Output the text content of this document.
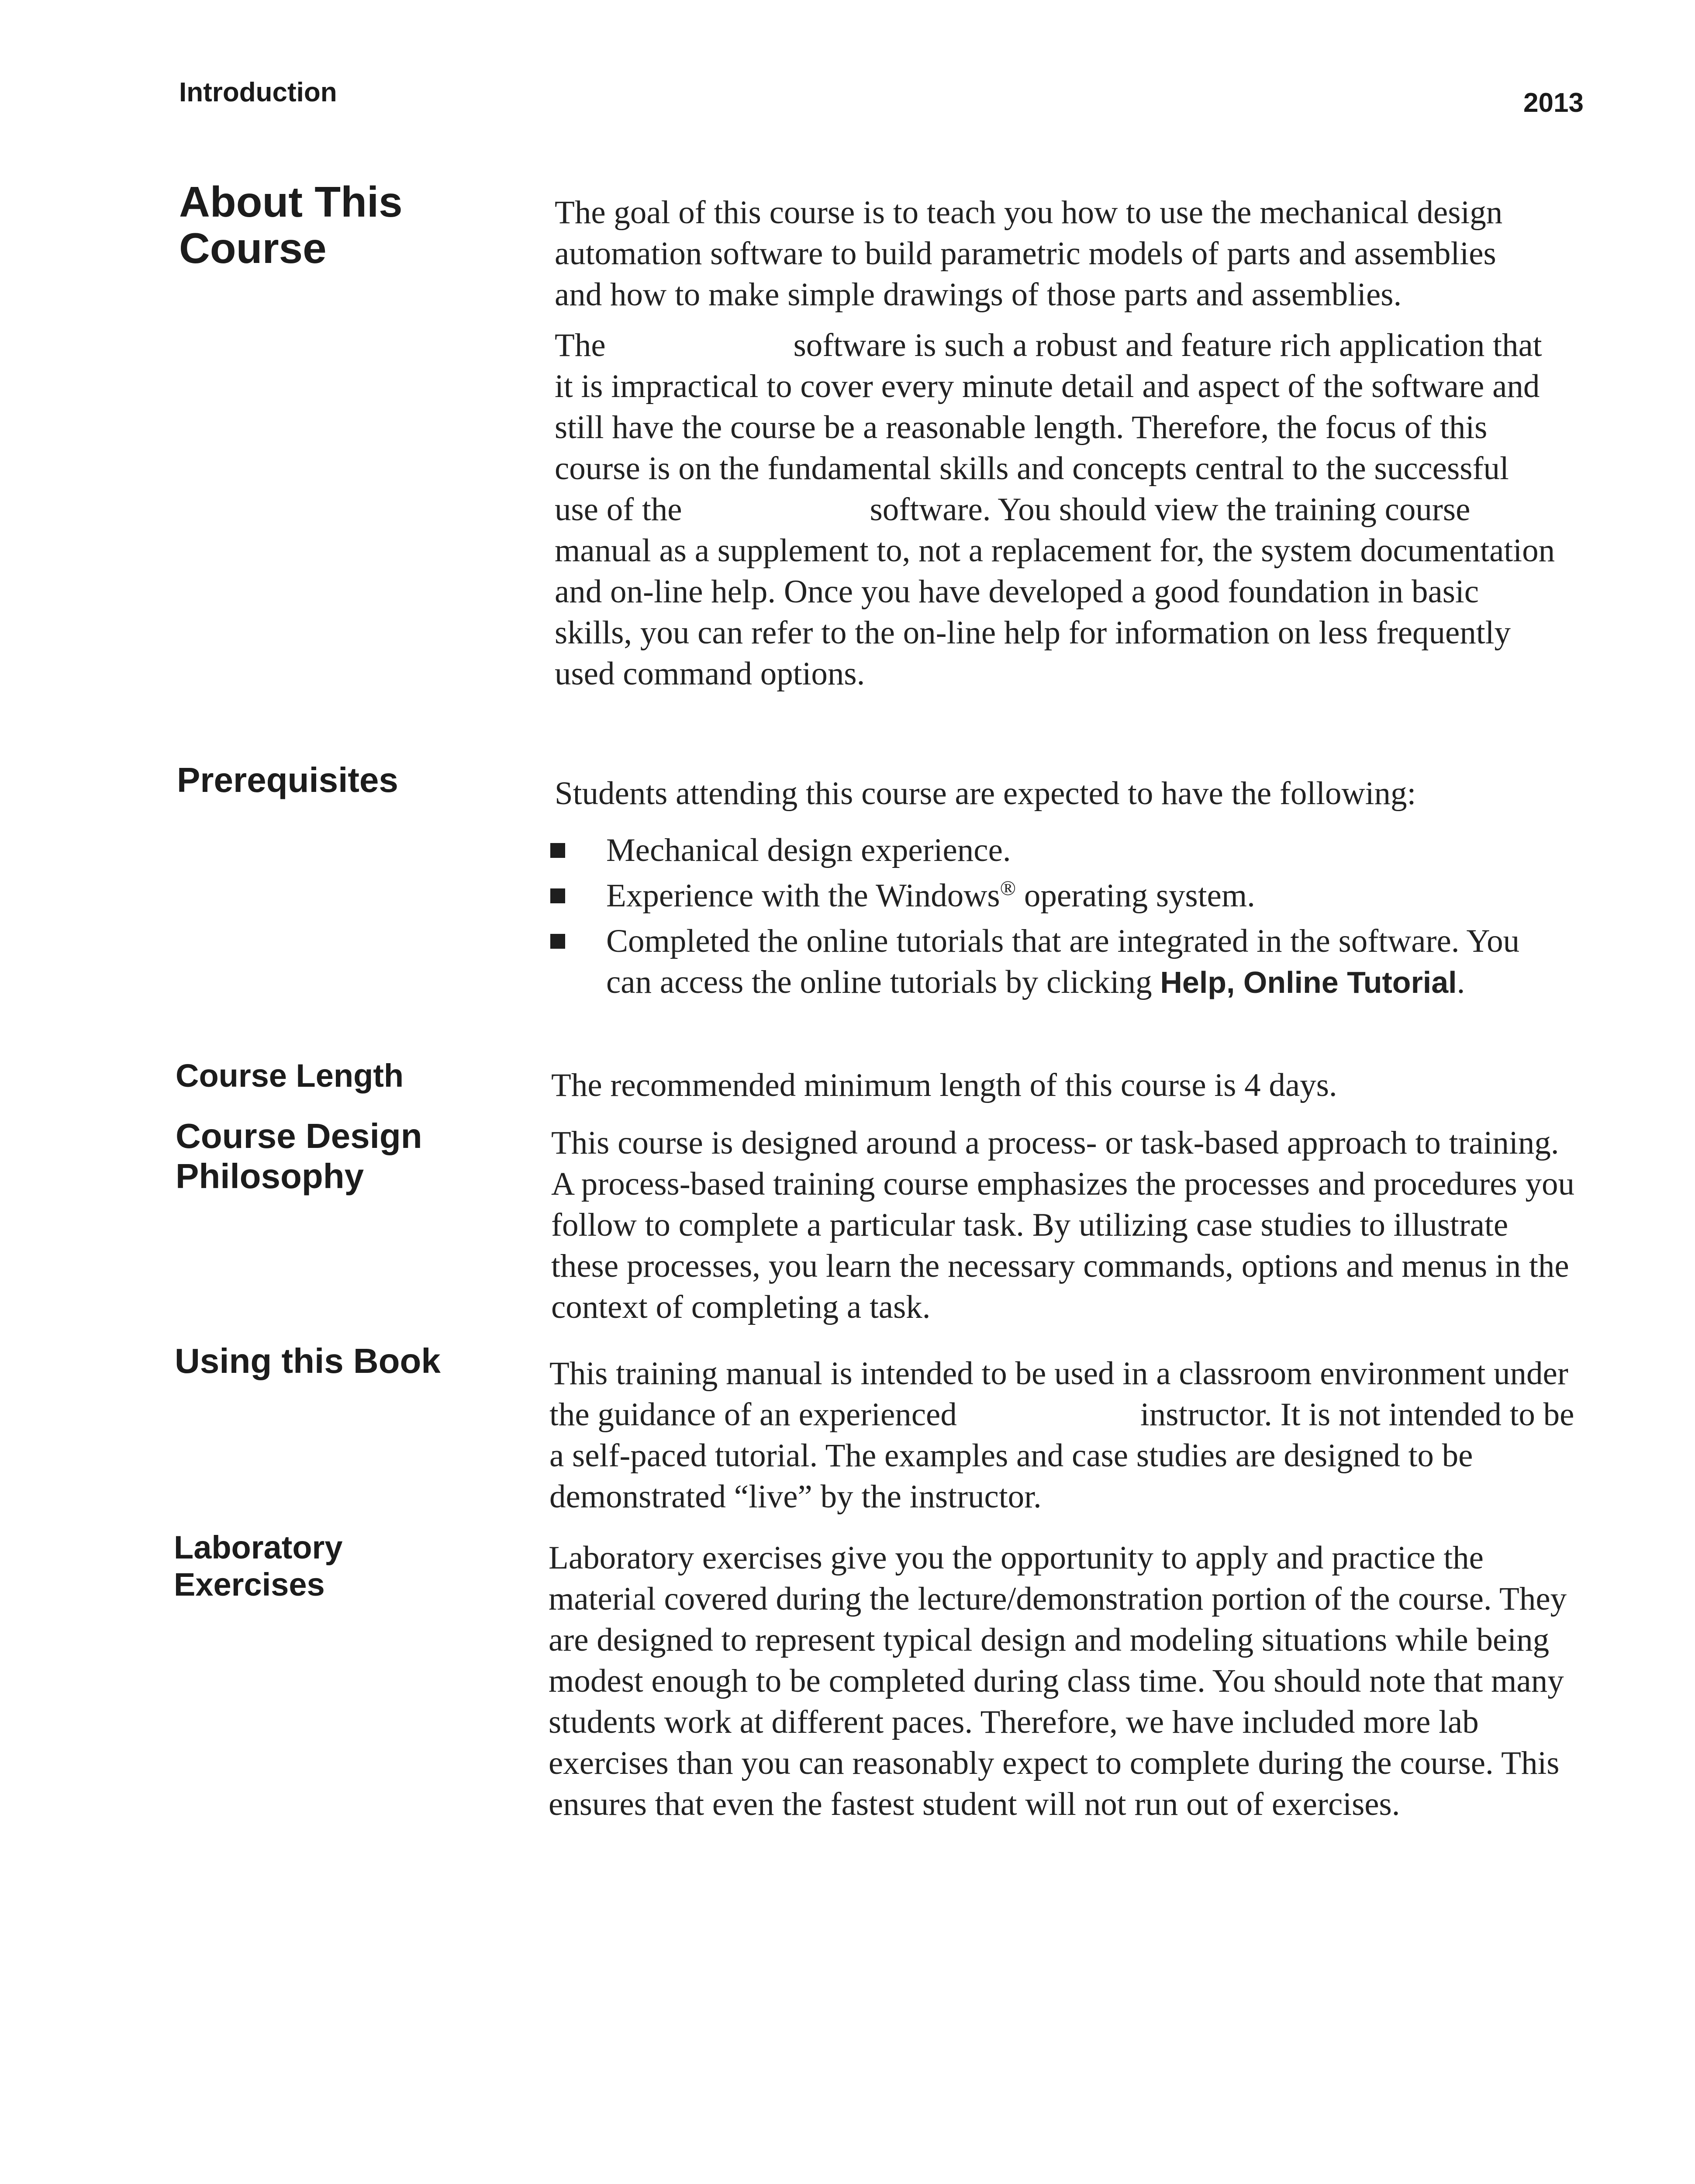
Introduction	2013
About This Course

The goal of this course is to teach you how to use the mechanical design automation software to build parametric models of parts and assemblies and how to make simple drawings of those parts and assemblies.

The	software is such a robust and feature rich application that it is impractical to cover every minute detail and aspect of the software and still have the course be a reasonable length. Therefore, the focus of this course is on the fundamental skills and concepts central to the successful use of the	software. You should view the training course manual as a supplement to, not a replacement for, the system documentation and on-line help. Once you have developed a good foundation in basic skills, you can refer to the on-line help for information on less frequently used command options.

Prerequisites	Students attending this course are expected to have the following:

Mechanical design experience.
Experience with the Windows® operating system.
Completed the online tutorials that are integrated in the software. You can access the online tutorials by clicking Help, Online Tutorial.
Course Length	The recommended minimum length of this course is 4 days.

Course Design Philosophy

This course is designed around a process- or task-based approach to training. A process-based training course emphasizes the processes and procedures you follow to complete a particular task. By utilizing case studies to illustrate these processes, you learn the necessary commands, options and menus in the context of completing a task.

Using this Book	This training manual is intended to be used in a classroom environment under the guidance of an experienced	instructor. It is not intended to be a self-paced tutorial. The examples and case studies are designed to be demonstrated “live” by the instructor.

Laboratory Exercises

Laboratory exercises give you the opportunity to apply and practice the material covered during the lecture/demonstration portion of the course. They are designed to represent typical design and modeling situations while being modest enough to be completed during class time. You should note that many students work at different paces. Therefore, we have included more lab exercises than you can reasonably expect to complete during the course. This ensures that even the fastest student will not run out of exercises.
